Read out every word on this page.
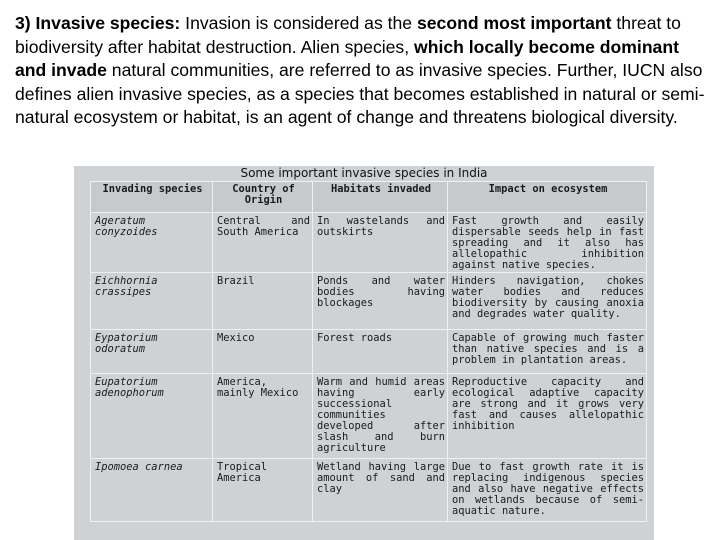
3) Invasive species: Invasion is considered as the second most important threat to biodiversity after habitat destruction. Alien species, which locally become dominant and invade natural communities, are referred to as invasive species. Further, IUCN also defines alien invasive species, as a species that becomes established in natural or semi-natural ecosystem or habitat, is an agent of change and threatens biological diversity.

Some important invasive species in India
Invading species	Country of Origin	Habitats invaded	Impact on ecosystem
Ageratum conyzoides	Central and South America	In wastelands and outskirts	Fast growth and easily dispersable seeds help in fast spreading and it also has allelopathic inhibition against native species.
Eichhornia crassipes	Brazil	Ponds and water bodies having blockages	Hinders navigation, chokes water bodies and reduces biodiversity by causing anoxia and degrades water quality.
Eypatorium odoratum	Mexico	Forest roads	Capable of growing much faster than native species and is a problem in plantation areas.
Eupatorium adenophorum	America, mainly Mexico	Warm and humid areas having early successional communities developed after slash and burn agriculture	Reproductive capacity and ecological adaptive capacity are strong and it grows very fast and causes allelopathic inhibition
Ipomoea carnea	Tropical America	Wetland having large amount of sand and clay	Due to fast growth rate it is replacing indigenous species and also have negative effects on wetlands because of semi-aquatic nature.
